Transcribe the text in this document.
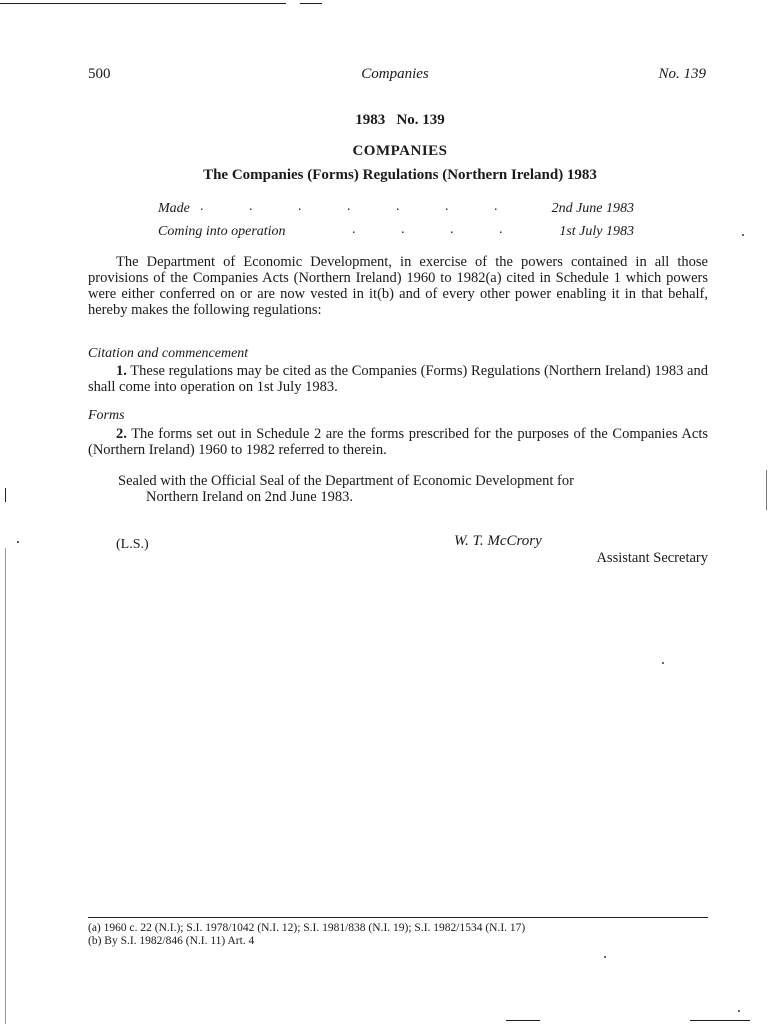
500	Companies	No. 139
1983   No. 139
COMPANIES
The Companies (Forms) Regulations (Northern Ireland) 1983
Made . . . . . . . 2nd June 1983
Coming into operation	. . . .	1st July 1983
The Department of Economic Development, in exercise of the powers contained in all those provisions of the Companies Acts (Northern Ireland) 1960 to 1982(a) cited in Schedule 1 which powers were either conferred on or are now vested in it(b) and of every other power enabling it in that behalf, hereby makes the following regulations:
Citation and commencement
1. These regulations may be cited as the Companies (Forms) Regulations (Northern Ireland) 1983 and shall come into operation on 1st July 1983.
Forms
2. The forms set out in Schedule 2 are the forms prescribed for the purposes of the Companies Acts (Northern Ireland) 1960 to 1982 referred to therein.
Sealed with the Official Seal of the Department of Economic Development for
Northern Ireland on 2nd June 1983.
(L.S.)	W. T. McCrory
Assistant Secretary
(a) 1960 c. 22 (N.I.); S.I. 1978/1042 (N.I. 12); S.I. 1981/838 (N.I. 19); S.I. 1982/1534 (N.I. 17)
(b) By S.I. 1982/846 (N.I. 11) Art. 4
